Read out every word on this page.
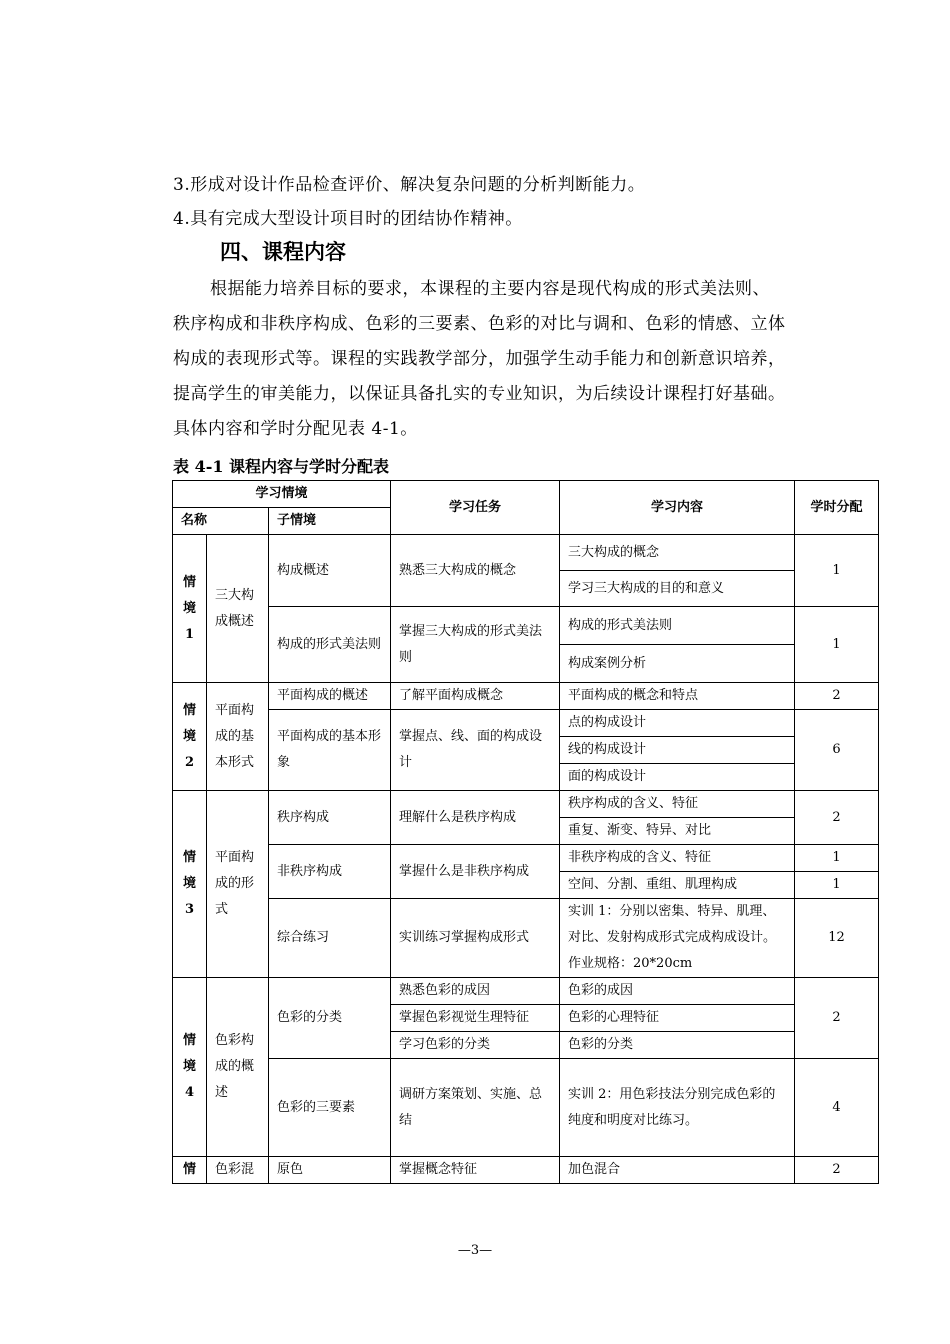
3.形成对设计作品检查评价、解决复杂问题的分析判断能力。
4.具有完成大型设计项目时的团结协作精神。
四、课程内容
根据能力培养目标的要求，本课程的主要内容是现代构成的形式美法则、
秩序构成和非秩序构成、色彩的三要素、色彩的对比与调和、色彩的情感、立体
构成的表现形式等。课程的实践教学部分，加强学生动手能力和创新意识培养，
提高学生的审美能力，以保证具备扎实的专业知识，为后续设计课程打好基础。
具体内容和学时分配见表 4-1。
表 4-1 课程内容与学时分配表
学习情境			学习任务	学习内容	学时分配
名称		子情境			
情境1	三大构成概述	构成概述	熟悉三大构成的概念	三大构成的概念	1
				学习三大构成的目的和意义	
		构成的形式美法则	掌握三大构成的形式美法则	构成的形式美法则	1
				构成案例分析	
情境2	平面构成的基本形式	平面构成的概述	了解平面构成概念	平面构成的概念和特点	2
		平面构成的基本形象	掌握点、线、面的构成设计	点的构成设计	6
				线的构成设计	
				面的构成设计	
情境3	平面构成的形式	秩序构成	理解什么是秩序构成	秩序构成的含义、特征	2
				重复、渐变、特异、对比	
		非秩序构成	掌握什么是非秩序构成	非秩序构成的含义、特征	1
				空间、分割、重组、肌理构成	1
		综合练习	实训练习掌握构成形式	实训 1：分别以密集、特异、肌理、对比、发射构成形式完成构成设计。
作业规格：20*20cm	12
情境4	色彩构成的概述	色彩的分类	熟悉色彩的成因	色彩的成因	2
			掌握色彩视觉生理特征	色彩的心理特征	
			学习色彩的分类	色彩的分类	
		色彩的三要素	调研方案策划、实施、总结	实训 2：用色彩技法分别完成色彩的纯度和明度对比练习。	4
情	色彩混	原色	掌握概念特征	加色混合	2
—3—
